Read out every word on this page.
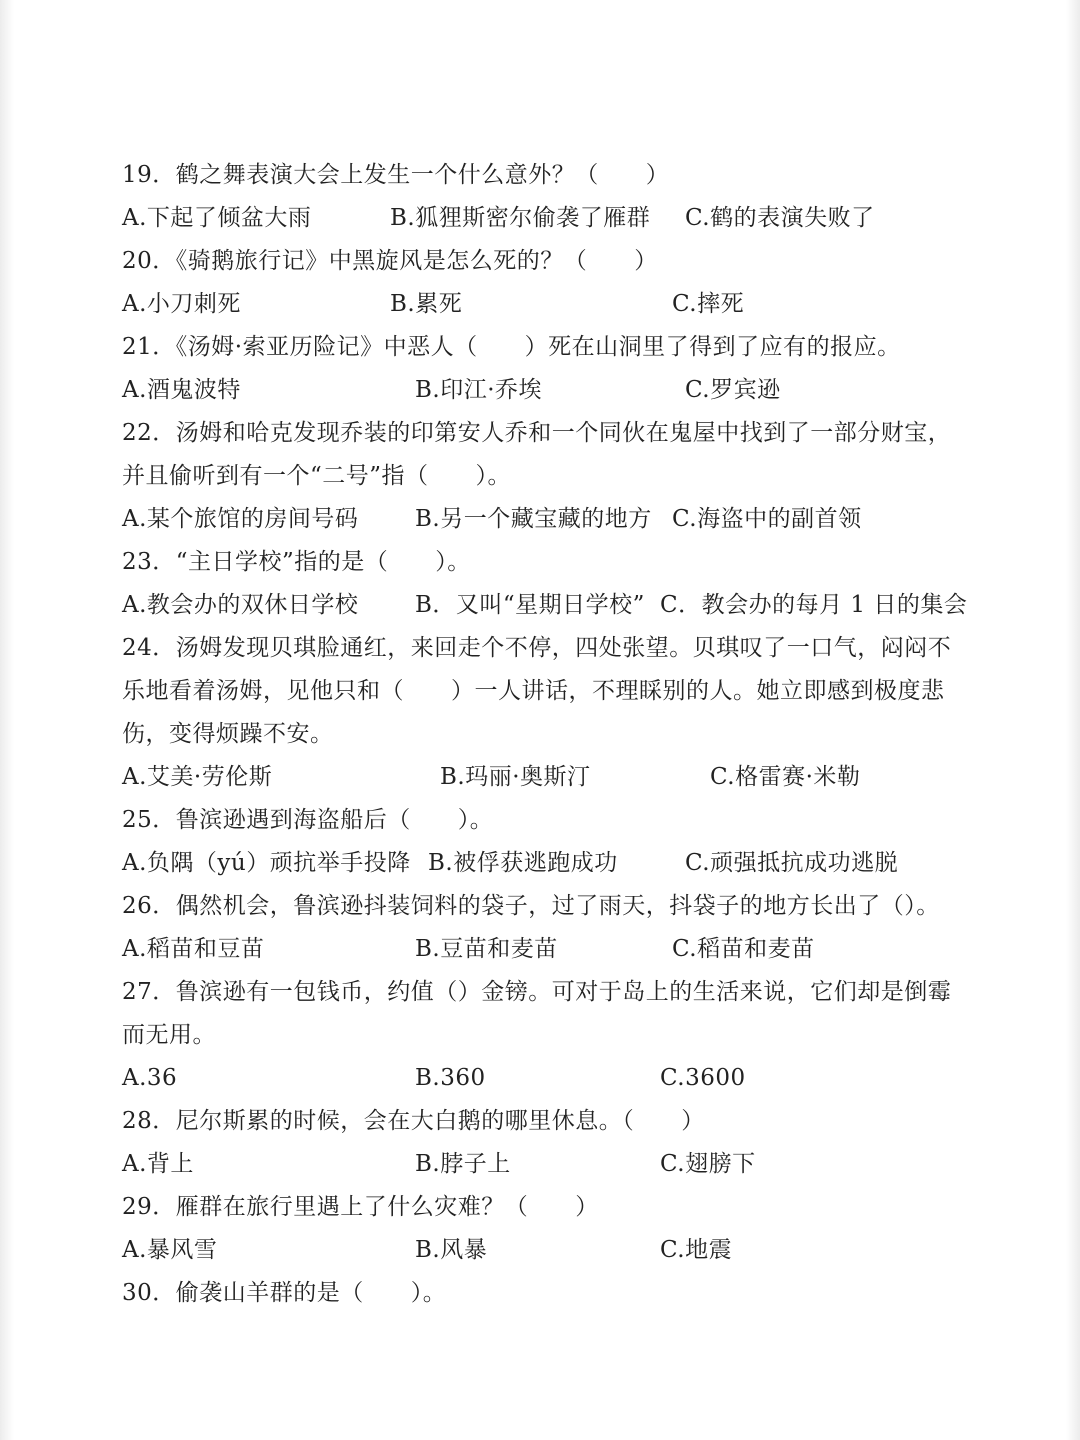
19．鹤之舞表演大会上发生一个什么意外？（　　）
A.下起了倾盆大雨	B.狐狸斯密尔偷袭了雁群 C.鹤的表演失败了
20．《骑鹅旅行记》中黑旋风是怎么死的？（　　）
A.小刀刺死	B.累死	C.摔死
21．《汤姆·索亚历险记》中恶人（　　）死在山洞里了得到了应有的报应。
A.酒鬼波特	B.印江·乔埃	C.罗宾逊
22．汤姆和哈克发现乔装的印第安人乔和一个同伙在鬼屋中找到了一部分财宝，
并且偷听到有一个“二号”指（　　）。
A.某个旅馆的房间号码 B.另一个藏宝藏的地方 C.海盗中的副首领
23．“主日学校”指的是（　　）。
A.教会办的双休日学校 B．又叫“星期日学校” C．教会办的每月 1 日的集会
24．汤姆发现贝琪脸通红，来回走个不停，四处张望。贝琪叹了一口气，闷闷不
乐地看着汤姆，见他只和（　　）一人讲话，不理睬别的人。她立即感到极度悲
伤，变得烦躁不安。
A.艾美·劳伦斯	B.玛丽·奥斯汀	C.格雷赛·米勒
25．鲁滨逊遇到海盗船后（　　）。
A.负隅（yú）顽抗举手投降 B.被俘获逃跑成功	C.顽强抵抗成功逃脱
26．偶然机会，鲁滨逊抖装饲料的袋子，过了雨天，抖袋子的地方长出了（）。
A.稻苗和豆苗	B.豆苗和麦苗	C.稻苗和麦苗
27．鲁滨逊有一包钱币，约值（）金镑。可对于岛上的生活来说，它们却是倒霉
而无用。
A.36	B.360	C.3600
28．尼尔斯累的时候，会在大白鹅的哪里休息。（　　）
A.背上	B.脖子上	C.翅膀下
29．雁群在旅行里遇上了什么灾难？（　　）
A.暴风雪	B.风暴	C.地震
30．偷袭山羊群的是（　　）。
